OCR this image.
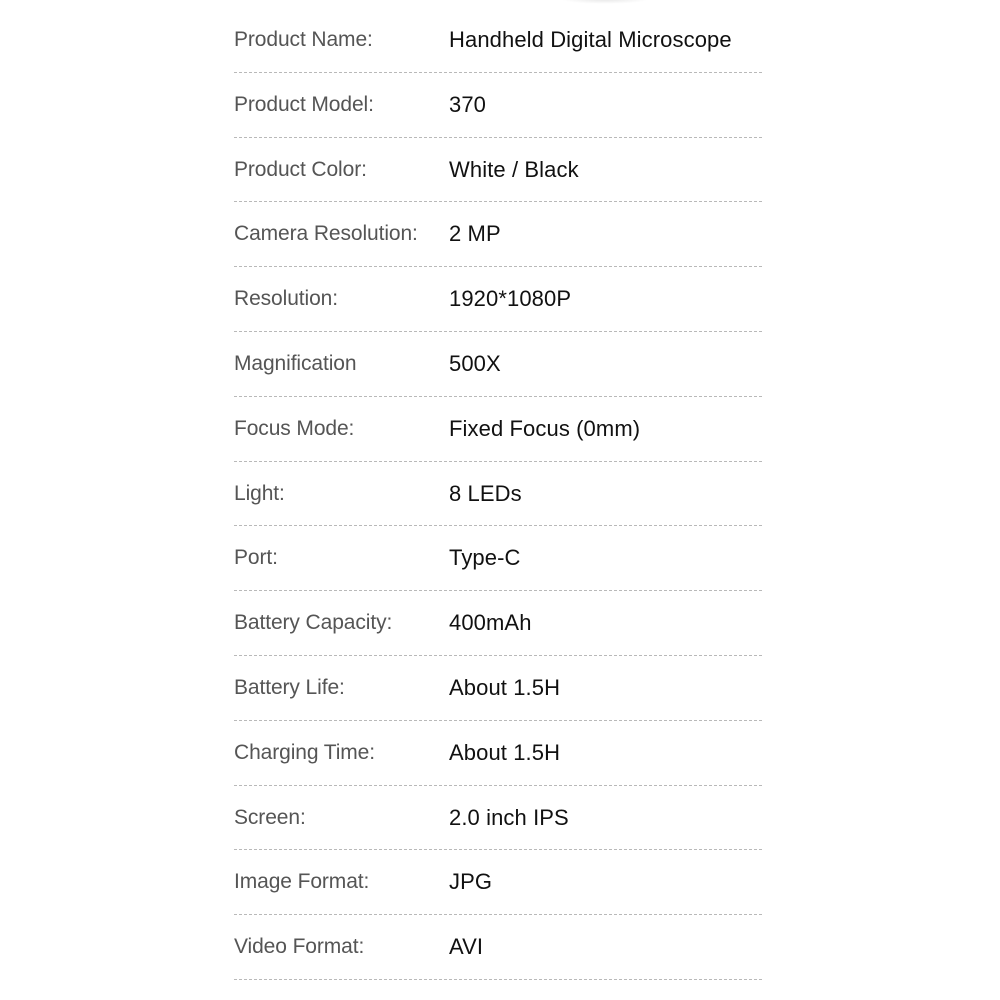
Product Name:	Handheld Digital Microscope
Product Model:	370
Product Color:	White / Black
Camera Resolution: 2 MP
Resolution:	1920*1080P
Magnification	500X
Focus Mode:	Fixed Focus (0mm)
Light:	8 LEDs
Port:	Type-C
Battery Capacity:	400mAh
Battery Life:	About 1.5H
Charging Time:	About 1.5H
Screen:	2.0 inch IPS
Image Format:	JPG
Video Format:	AVI
